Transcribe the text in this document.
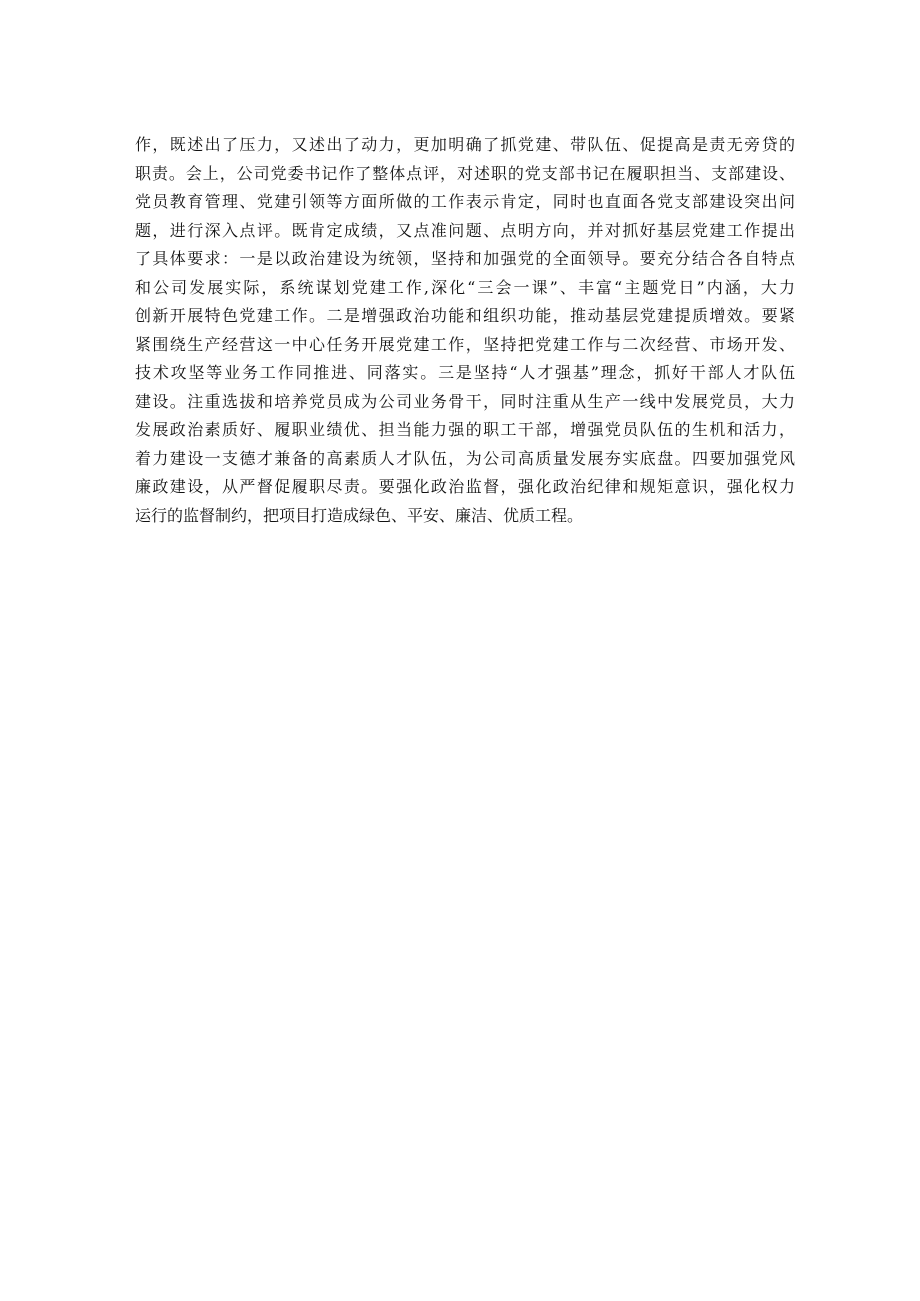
作，既述出了压力，又述出了动力，更加明确了抓党建、带队伍、促提高是责无旁贷的
职责。会上，公司党委书记作了整体点评，对述职的党支部书记在履职担当、支部建设、
党员教育管理、党建引领等方面所做的工作表示肯定，同时也直面各党支部建设突出问
题，进行深入点评。既肯定成绩，又点准问题、点明方向，并对抓好基层党建工作提出
了具体要求：一是以政治建设为统领，坚持和加强党的全面领导。要充分结合各自特点
和公司发展实际，系统谋划党建工作,深化“三会一课”、丰富“主题党日”内涵，大力
创新开展特色党建工作。二是增强政治功能和组织功能，推动基层党建提质增效。要紧
紧围绕生产经营这一中心任务开展党建工作，坚持把党建工作与二次经营、市场开发、
技术攻坚等业务工作同推进、同落实。三是坚持“人才强基”理念，抓好干部人才队伍
建设。注重选拔和培养党员成为公司业务骨干，同时注重从生产一线中发展党员，大力
发展政治素质好、履职业绩优、担当能力强的职工干部，增强党员队伍的生机和活力，
着力建设一支德才兼备的高素质人才队伍，为公司高质量发展夯实底盘。四要加强党风
廉政建设，从严督促履职尽责。要强化政治监督，强化政治纪律和规矩意识，强化权力
运行的监督制约，把项目打造成绿色、平安、廉洁、优质工程。
